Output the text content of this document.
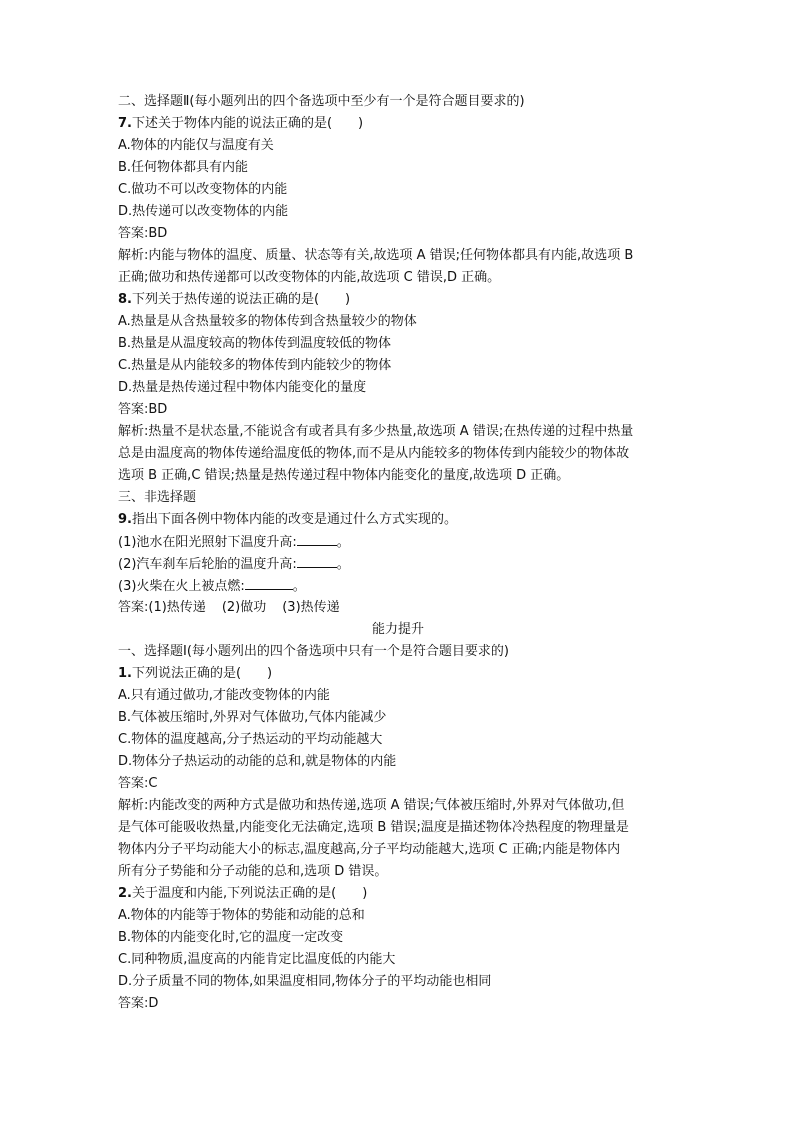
二、选择题Ⅱ(每小题列出的四个备选项中至少有一个是符合题目要求的)
7.下述关于物体内能的说法正确的是(　　)
A.物体的内能仅与温度有关
B.任何物体都具有内能
C.做功不可以改变物体的内能
D.热传递可以改变物体的内能
答案:BD
解析:内能与物体的温度、质量、状态等有关,故选项 A 错误;任何物体都具有内能,故选项 B
正确;做功和热传递都可以改变物体的内能,故选项 C 错误,D 正确。
8.下列关于热传递的说法正确的是(　　)
A.热量是从含热量较多的物体传到含热量较少的物体
B.热量是从温度较高的物体传到温度较低的物体
C.热量是从内能较多的物体传到内能较少的物体
D.热量是热传递过程中物体内能变化的量度
答案:BD
解析:热量不是状态量,不能说含有或者具有多少热量,故选项 A 错误;在热传递的过程中热量
总是由温度高的物体传递给温度低的物体,而不是从内能较多的物体传到内能较少的物体故
选项 B 正确,C 错误;热量是热传递过程中物体内能变化的量度,故选项 D 正确。
三、非选择题
9.指出下面各例中物体内能的改变是通过什么方式实现的。
(1)池水在阳光照射下温度升高:	。
(2)汽车刹车后轮胎的温度升高:	。
(3)火柴在火上被点燃:	。
答案:(1)热传递 (2)做功 (3)热传递
能力提升
一、选择题Ⅰ(每小题列出的四个备选项中只有一个是符合题目要求的)
1.下列说法正确的是(　　)
A.只有通过做功,才能改变物体的内能
B.气体被压缩时,外界对气体做功,气体内能减少
C.物体的温度越高,分子热运动的平均动能越大
D.物体分子热运动的动能的总和,就是物体的内能
答案:C
解析:内能改变的两种方式是做功和热传递,选项 A 错误;气体被压缩时,外界对气体做功,但
是气体可能吸收热量,内能变化无法确定,选项 B 错误;温度是描述物体冷热程度的物理量是
物体内分子平均动能大小的标志,温度越高,分子平均动能越大,选项 C 正确;内能是物体内
所有分子势能和分子动能的总和,选项 D 错误。
2.关于温度和内能,下列说法正确的是(　　)
A.物体的内能等于物体的势能和动能的总和
B.物体的内能变化时,它的温度一定改变
C.同种物质,温度高的内能肯定比温度低的内能大
D.分子质量不同的物体,如果温度相同,物体分子的平均动能也相同
答案:D
